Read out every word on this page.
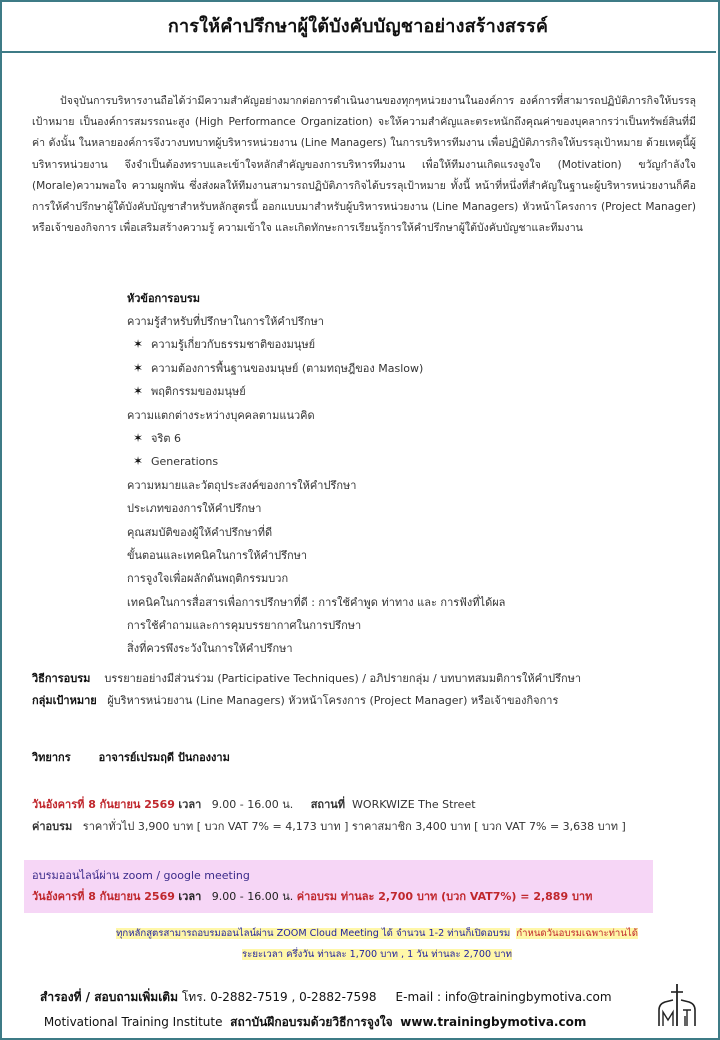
การให้คำปรึกษาผู้ใต้บังคับบัญชาอย่างสร้างสรรค์

ปัจจุบันการบริหารงานถือได้ว่ามีความสำคัญอย่างมากต่อการดำเนินงานของทุกๆหน่วยงานในองค์การ องค์การที่สามารถปฏิบัติภารกิจให้บรรลุเป้าหมาย เป็นองค์การสมรรถนะสูง (High Performance Organization) จะให้ความสำคัญและตระหนักถึงคุณค่าของบุคลากรว่าเป็นทรัพย์สินที่มีค่า ดังนั้น ในหลายองค์การจึงวางบทบาทผู้บริหารหน่วยงาน (Line Managers) ในการบริหารทีมงาน เพื่อปฏิบัติภารกิจให้บรรลุเป้าหมาย ด้วยเหตุนี้ผู้บริหารหน่วยงาน จึงจำเป็นต้องทราบและเข้าใจหลักสำคัญของการบริหารทีมงาน เพื่อให้ทีมงานเกิดแรงจูงใจ (Motivation) ขวัญกำลังใจ (Morale)ความพอใจ ความผูกพัน ซึ่งส่งผลให้ทีมงานสามารถปฏิบัติภารกิจได้บรรลุเป้าหมาย ทั้งนี้ หน้าที่หนึ่งที่สำคัญในฐานะผู้บริหารหน่วยงานก็คือการให้คำปรึกษาผู้ใต้บังคับบัญชาสำหรับหลักสูตรนี้ ออกแบบมาสำหรับผู้บริหารหน่วยงาน (Line Managers) หัวหน้าโครงการ (Project Manager) หรือเจ้าของกิจการ เพื่อเสริมสร้างความรู้ ความเข้าใจ และเกิดทักษะการเรียนรู้การให้คำปรึกษาผู้ใต้บังคับบัญชาและทีมงาน

หัวข้อการอบรม
ความรู้สำหรับที่ปรึกษาในการให้คำปรึกษา
✶ ความรู้เกี่ยวกับธรรมชาติของมนุษย์
✶ ความต้องการพื้นฐานของมนุษย์ (ตามทฤษฎีของ Maslow)
✶ พฤติกรรมของมนุษย์
ความแตกต่างระหว่างบุคคลตามแนวคิด
✶ จริต 6
✶ Generations
ความหมายและวัตถุประสงค์ของการให้คำปรึกษา
ประเภทของการให้คำปรึกษา
คุณสมบัติของผู้ให้คำปรึกษาที่ดี
ขั้นตอนและเทคนิคในการให้คำปรึกษา
การจูงใจเพื่อผลักดันพฤติกรรมบวก
เทคนิคในการสื่อสารเพื่อการปรึกษาที่ดี : การใช้คำพูด ท่าทาง และ การฟังที่ได้ผล
การใช้คำถามและการคุมบรรยากาศในการปรึกษา
สิ่งที่ควรพึงระวังในการให้คำปรึกษา
วิธีการอบรม บรรยายอย่างมีส่วนร่วม (Participative Techniques) / อภิปรายกลุ่ม / บทบาทสมมติการให้คำปรึกษา
กลุ่มเป้าหมาย ผู้บริหารหน่วยงาน (Line Managers) หัวหน้าโครงการ (Project Manager) หรือเจ้าของกิจการ
วิทยากร	อาจารย์เปรมฤดี ปันกองงาม
วันอังคารที่ 8 กันยายน 2569 เวลา 9.00 - 16.00 น. สถานที่ WORKWIZE The Street
ค่าอบรม ราคาทั่วไป 3,900 บาท [ บวก VAT 7% = 4,173 บาท ] ราคาสมาชิก 3,400 บาท [ บวก VAT 7% = 3,638 บาท ]
อบรมออนไลน์ผ่าน zoom / google meeting
วันอังคารที่ 8 กันยายน 2569 เวลา 9.00 - 16.00 น. ค่าอบรม ท่านละ 2,700 บาท (บวก VAT7%) = 2,889 บาท
ทุกหลักสูตรสามารถอบรมออนไลน์ผ่าน ZOOM Cloud Meeting ได้ จำนวน 1-2 ท่านก็เปิดอบรม กำหนดวันอบรมเฉพาะท่านได้
ระยะเวลา ครึ่งวัน ท่านละ 1,700 บาท , 1 วัน ท่านละ 2,700 บาท
สำรองที่ / สอบถามเพิ่มเติม โทร. 0-2882-7519 , 0-2882-7598 E-mail : info@trainingbymotiva.com
Motivational Training Institute สถาบันฝึกอบรมด้วยวิธีการจูงใจ www.trainingbymotiva.com
